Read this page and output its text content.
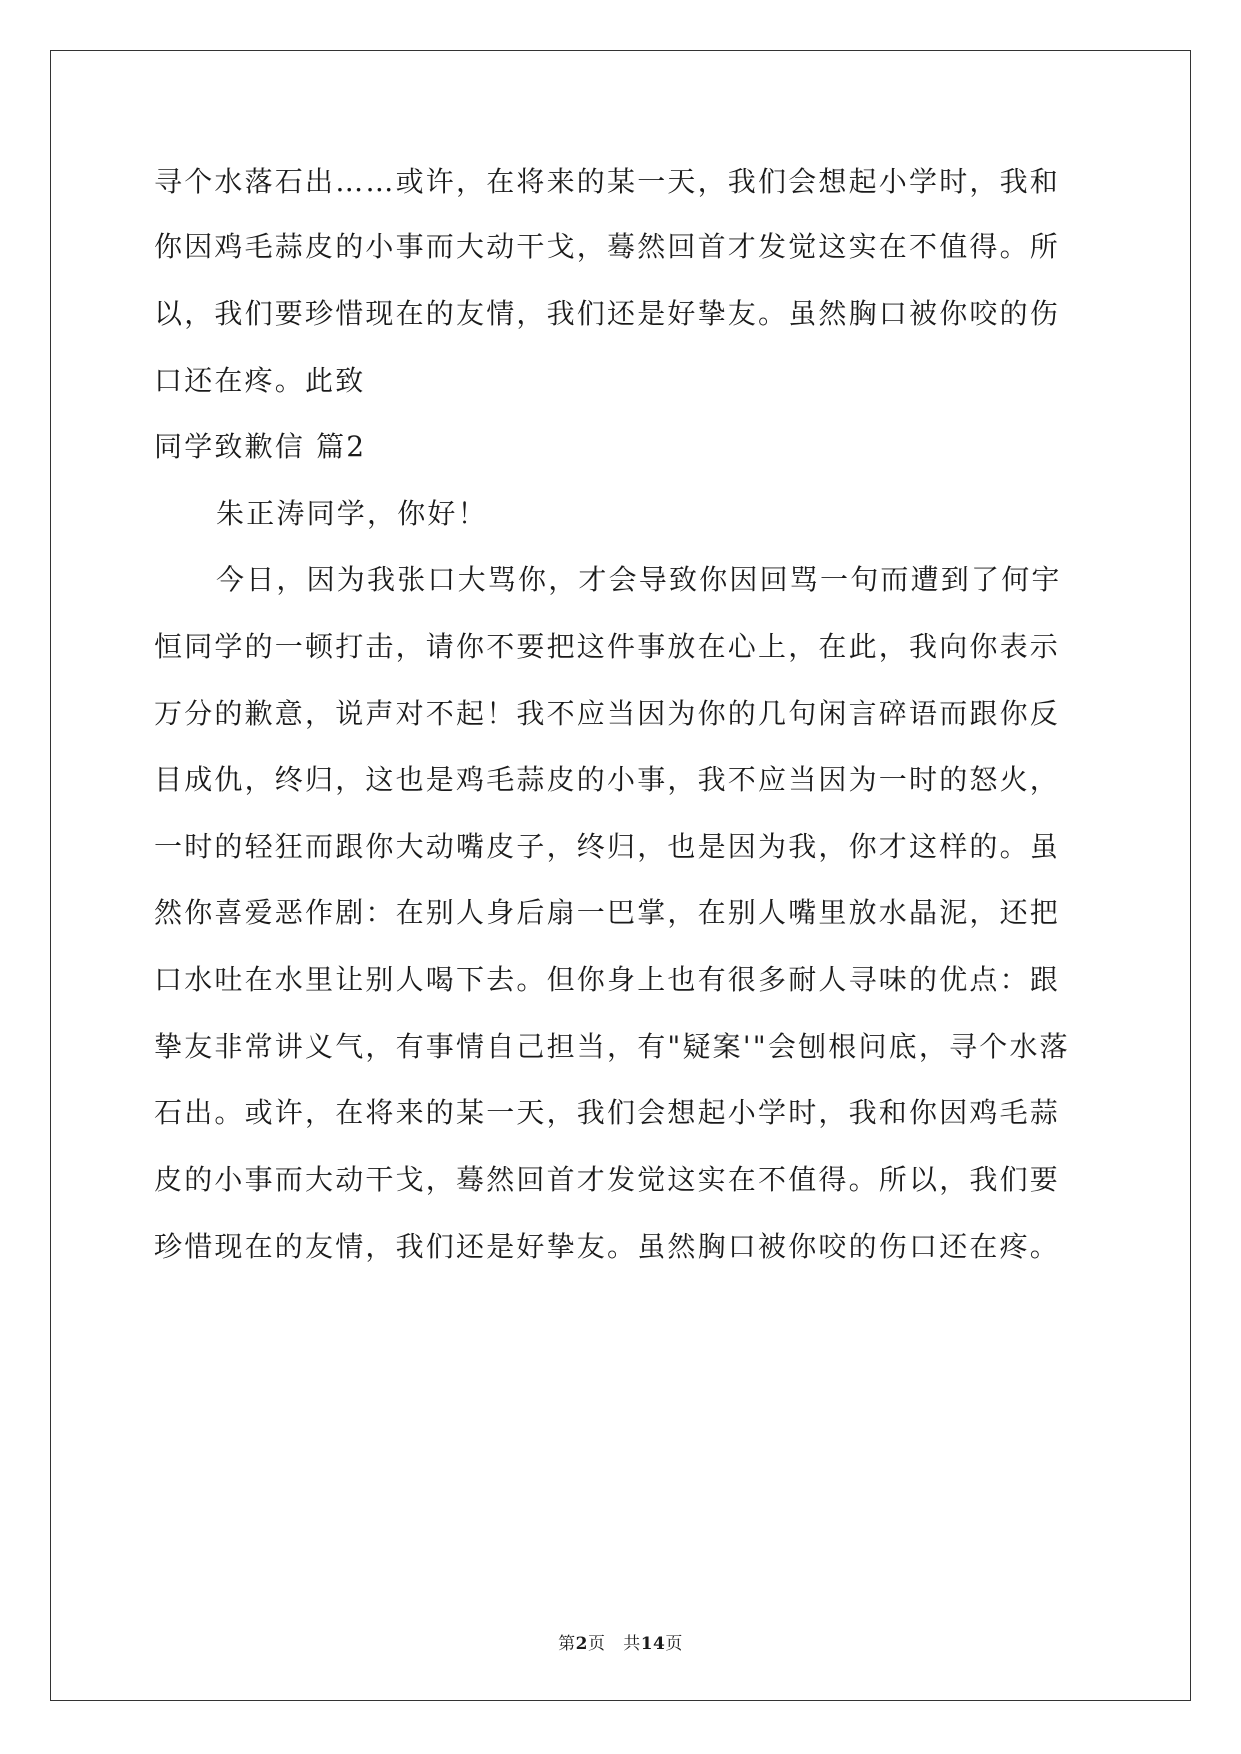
寻个水落石出……或许，在将来的某一天，我们会想起小学时，我和
你因鸡毛蒜皮的小事而大动干戈，蓦然回首才发觉这实在不值得。所
以，我们要珍惜现在的友情，我们还是好挚友。虽然胸口被你咬的伤
口还在疼。此致
同学致歉信 篇2
朱正涛同学，你好！
今日，因为我张口大骂你，才会导致你因回骂一句而遭到了何宇
恒同学的一顿打击，请你不要把这件事放在心上，在此，我向你表示
万分的歉意，说声对不起！我不应当因为你的几句闲言碎语而跟你反
目成仇，终归，这也是鸡毛蒜皮的小事，我不应当因为一时的怒火，
一时的轻狂而跟你大动嘴皮子，终归，也是因为我，你才这样的。虽
然你喜爱恶作剧：在别人身后扇一巴掌，在别人嘴里放水晶泥，还把
口水吐在水里让别人喝下去。但你身上也有很多耐人寻味的优点：跟
挚友非常讲义气，有事情自己担当，有"疑案'"会刨根问底，寻个水落
石出。或许，在将来的某一天，我们会想起小学时，我和你因鸡毛蒜
皮的小事而大动干戈，蓦然回首才发觉这实在不值得。所以，我们要
珍惜现在的友情，我们还是好挚友。虽然胸口被你咬的伤口还在疼。
第2页 共14页
